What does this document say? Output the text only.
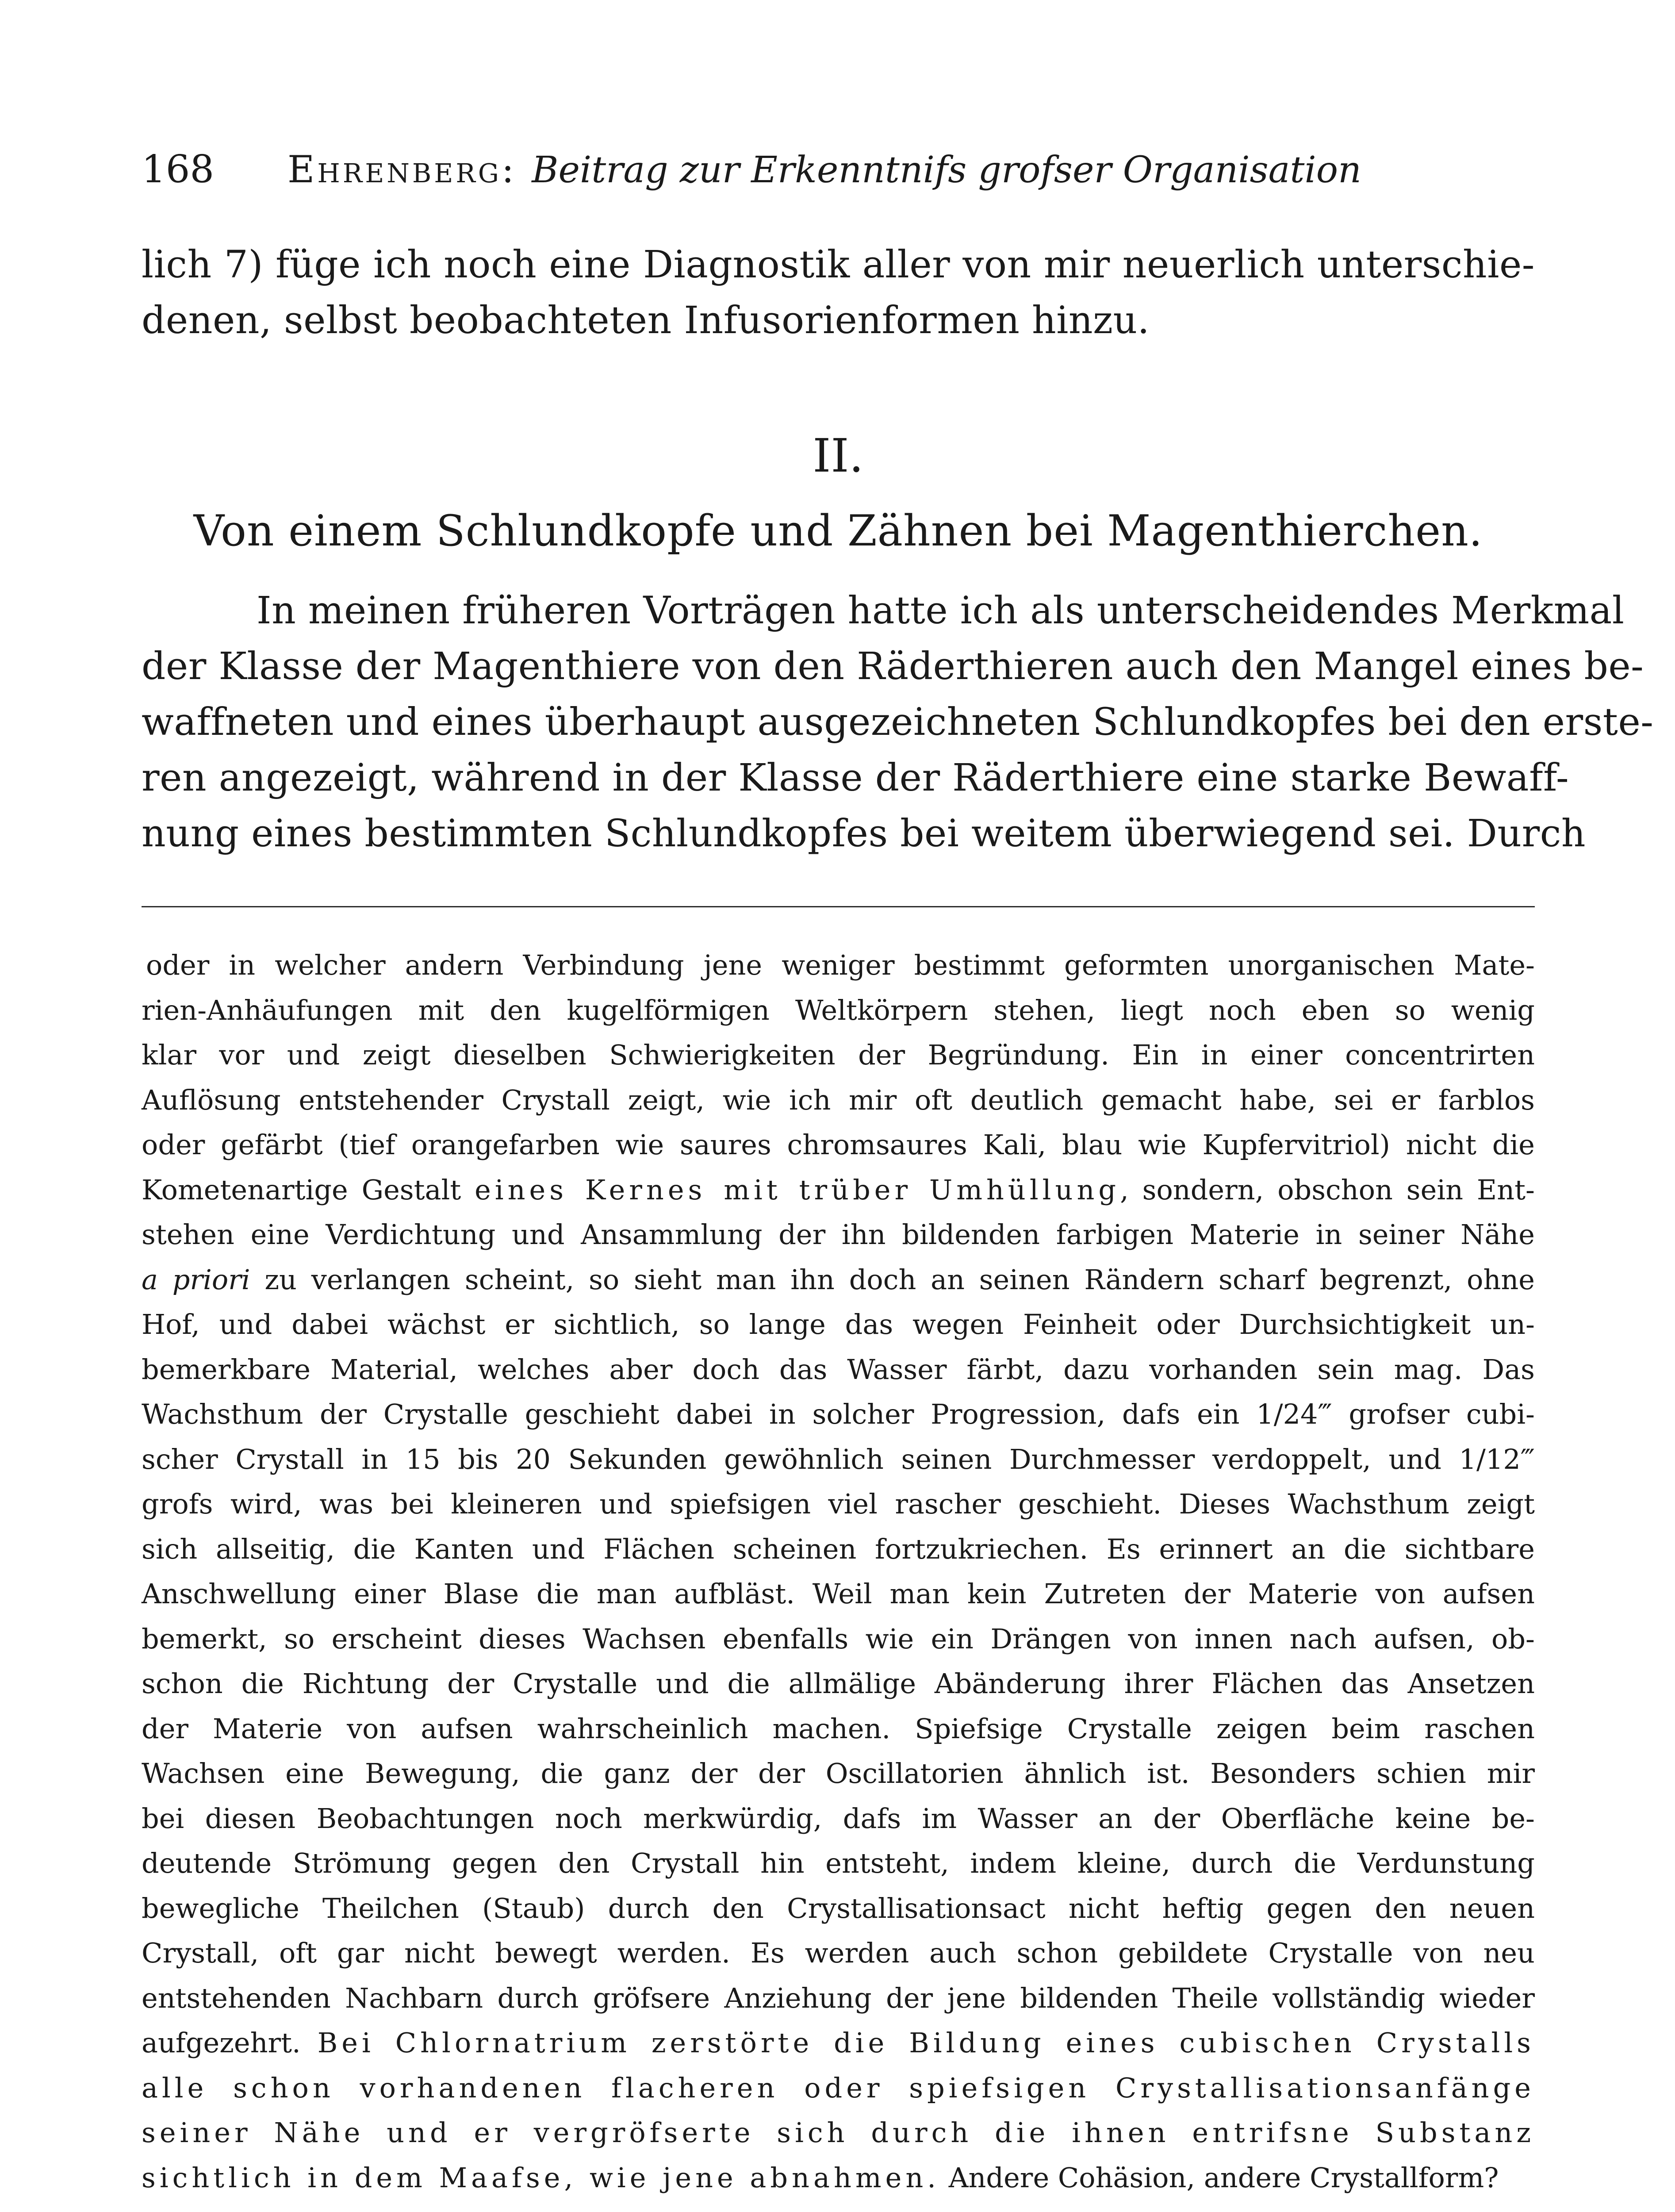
168	Ehrenberg : Beitrag zur Erkenntnifs grofser Organisation

lich 7) füge ich noch eine Diagnostik aller von mir neuerlich unterschie-
denen, selbst beobachteten Infusorienformen hinzu.

II.
Von einem Schlundkopfe und Zähnen bei Magenthierchen.

In meinen früheren Vorträgen hatte ich als unterscheidendes Merkmal
der Klasse der Magenthiere von den Räderthieren auch den Mangel eines be-
waffneten und eines überhaupt ausgezeichneten Schlundkopfes bei den erste-
ren angezeigt, während in der Klasse der Räderthiere eine starke Bewaff-
nung eines bestimmten Schlundkopfes bei weitem überwiegend sei. Durch

oder in welcher andern Verbindung jene weniger bestimmt geformten unorganischen Mate-
rien-Anhäufungen mit den kugelförmigen Weltkörpern stehen, liegt noch eben so wenig
klar vor und zeigt dieselben Schwierigkeiten der Begründung. Ein in einer concentrirten
Auflösung entstehender Crystall zeigt, wie ich mir oft deutlich gemacht habe, sei er farblos
oder gefärbt (tief orangefarben wie saures chromsaures Kali, blau wie Kupfervitriol) nicht die
Kometenartige Gestalt eines Kernes mit trüber Umhüllung, sondern, obschon sein Ent-
stehen eine Verdichtung und Ansammlung der ihn bildenden farbigen Materie in seiner Nähe
a priori zu verlangen scheint, so sieht man ihn doch an seinen Rändern scharf begrenzt, ohne
Hof, und dabei wächst er sichtlich, so lange das wegen Feinheit oder Durchsichtigkeit un-
bemerkbare Material, welches aber doch das Wasser färbt, dazu vorhanden sein mag. Das
Wachsthum der Crystalle geschieht dabei in solcher Progression, dafs ein 1/24‴ grofser cubi-
scher Crystall in 15 bis 20 Sekunden gewöhnlich seinen Durchmesser verdoppelt, und 1/12‴
grofs wird, was bei kleineren und spiefsigen viel rascher geschieht. Dieses Wachsthum zeigt
sich allseitig, die Kanten und Flächen scheinen fortzukriechen. Es erinnert an die sichtbare
Anschwellung einer Blase die man aufbläst. Weil man kein Zutreten der Materie von aufsen
bemerkt, so erscheint dieses Wachsen ebenfalls wie ein Drängen von innen nach aufsen, ob-
schon die Richtung der Crystalle und die allmälige Abänderung ihrer Flächen das Ansetzen
der Materie von aufsen wahrscheinlich machen. Spiefsige Crystalle zeigen beim raschen
Wachsen eine Bewegung, die ganz der der Oscillatorien ähnlich ist. Besonders schien mir
bei diesen Beobachtungen noch merkwürdig, dafs im Wasser an der Oberfläche keine be-
deutende Strömung gegen den Crystall hin entsteht, indem kleine, durch die Verdunstung
bewegliche Theilchen (Staub) durch den Crystallisationsact nicht heftig gegen den neuen
Crystall, oft gar nicht bewegt werden. Es werden auch schon gebildete Crystalle von neu
entstehenden Nachbarn durch gröfsere Anziehung der jene bildenden Theile vollständig wieder
aufgezehrt. Bei Chlornatrium zerstörte die Bildung eines cubischen Crystalls
alle schon vorhandenen flacheren oder spiefsigen Crystallisationsanfänge
seiner Nähe und er vergröfserte sich durch die ihnen entrifsne Substanz
sichtlich in dem Maafse, wie jene abnahmen. Andere Cohäsion, andere Crystallform?
